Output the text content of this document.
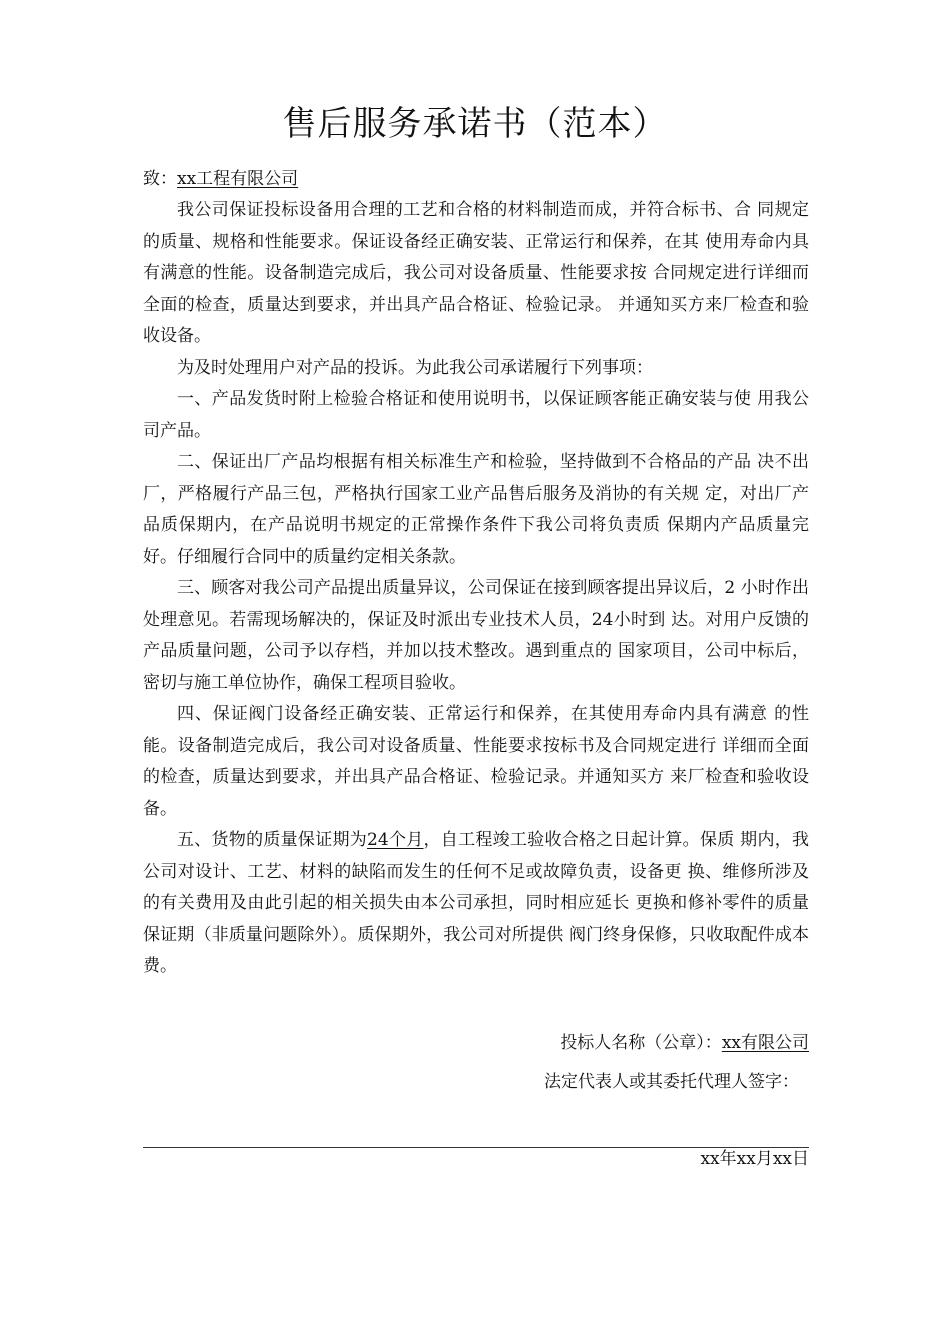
售后服务承诺书（范本）
致：xx工程有限公司

我公司保证投标设备用合理的工艺和合格的材料制造而成，并符合标书、合 同规定的质量、规格和性能要求。保证设备经正确安装、正常运行和保养，在其 使用寿命内具有满意的性能。设备制造完成后，我公司对设备质量、性能要求按 合同规定进行详细而全面的检查，质量达到要求，并出具产品合格证、检验记录。 并通知买方来厂检查和验收设备。

为及时处理用户对产品的投诉。为此我公司承诺履行下列事项：

一、产品发货时附上检验合格证和使用说明书，以保证顾客能正确安装与使 用我公司产品。

二、保证出厂产品均根据有相关标准生产和检验，坚持做到不合格品的产品 决不出厂，严格履行产品三包，严格执行国家工业产品售后服务及消协的有关规 定，对出厂产品质保期内，在产品说明书规定的正常操作条件下我公司将负责质 保期内产品质量完好。仔细履行合同中的质量约定相关条款。

三、顾客对我公司产品提出质量异议，公司保证在接到顾客提出异议后，2 小时作出处理意见。若需现场解决的，保证及时派出专业技术人员，24小时到 达。对用户反馈的产品质量问题，公司予以存档，并加以技术整改。遇到重点的 国家项目，公司中标后，密切与施工单位协作，确保工程项目验收。

四、保证阀门设备经正确安装、正常运行和保养，在其使用寿命内具有满意 的性能。设备制造完成后，我公司对设备质量、性能要求按标书及合同规定进行 详细而全面的检查，质量达到要求，并出具产品合格证、检验记录。并通知买方 来厂检查和验收设备。

五、货物的质量保证期为24个月，自工程竣工验收合格之日起计算。保质 期内，我公司对设计、工艺、材料的缺陷而发生的任何不足或故障负责，设备更 换、维修所涉及的有关费用及由此引起的相关损失由本公司承担，同时相应延长 更换和修补零件的质量保证期（非质量问题除外）。质保期外，我公司对所提供 阀门终身保修，只收取配件成本费。

投标人名称（公章）：xx有限公司
法定代表人或其委托代理人签字：
xx年xx月xx日
